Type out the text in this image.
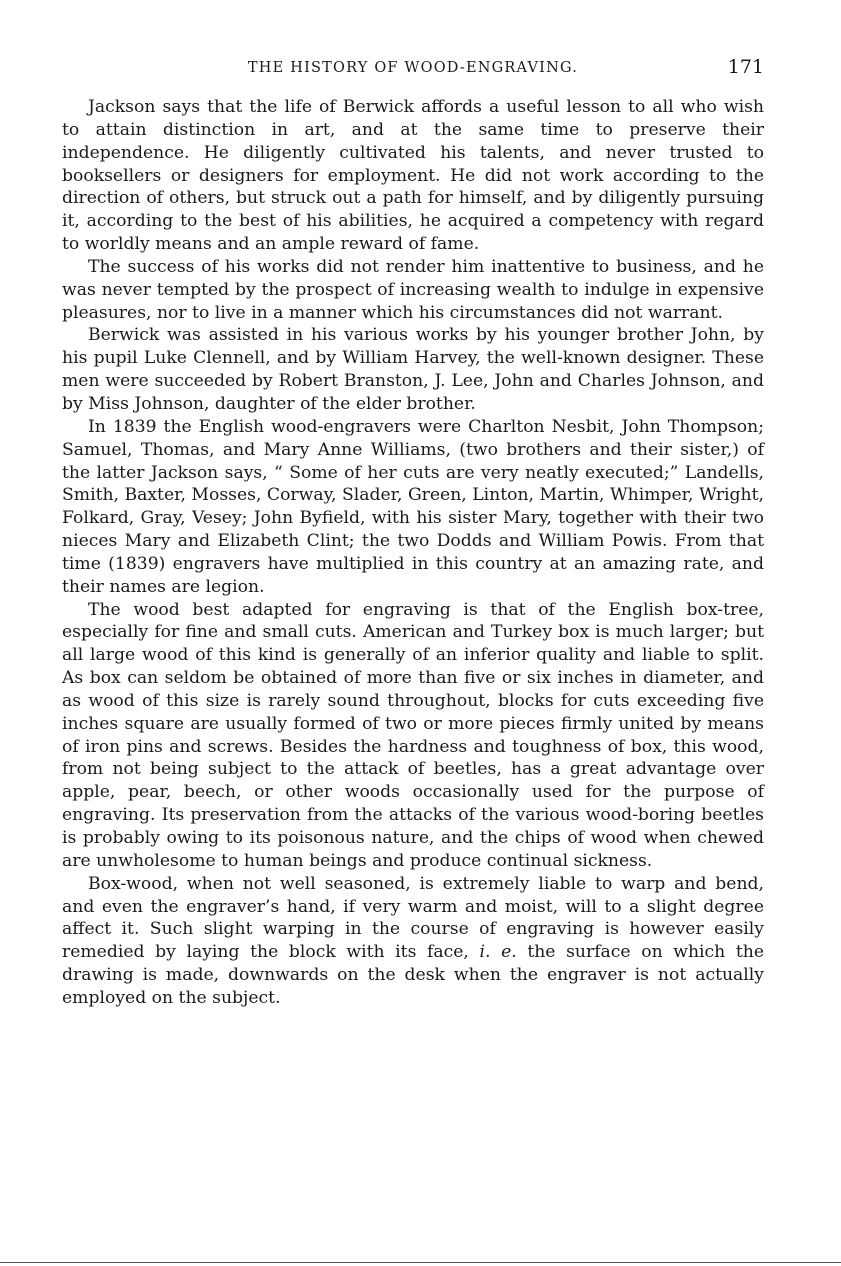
THE HISTORY OF WOOD-ENGRAVING.	171

Jackson says that the life of Berwick affords a useful lesson to all who wish to attain distinction in art, and at the same time to preserve their independence. He diligently cultivated his talents, and never trusted to booksellers or designers for employment. He did not work according to the direction of others, but struck out a path for himself, and by diligently pursuing it, according to the best of his abilities, he acquired a competency with regard to worldly means and an ample reward of fame.

The success of his works did not render him inattentive to business, and he was never tempted by the prospect of increasing wealth to indulge in expensive pleasures, nor to live in a manner which his circumstances did not warrant.

Berwick was assisted in his various works by his younger brother John, by his pupil Luke Clennell, and by William Harvey, the well-known designer. These men were succeeded by Robert Branston, J. Lee, John and Charles Johnson, and by Miss Johnson, daughter of the elder brother.

In 1839 the English wood-engravers were Charlton Nesbit, John Thompson; Samuel, Thomas, and Mary Anne Williams, (two brothers and their sister,) of the latter Jackson says, “ Some of her cuts are very neatly executed;” Landells, Smith, Baxter, Mosses, Corway, Slader, Green, Linton, Martin, Whimper, Wright, Folkard, Gray, Vesey; John Byfield, with his sister Mary, together with their two nieces Mary and Elizabeth Clint; the two Dodds and William Powis. From that time (1839) engravers have multiplied in this country at an amazing rate, and their names are legion.

The wood best adapted for engraving is that of the English box-tree, especially for fine and small cuts. American and Turkey box is much larger; but all large wood of this kind is generally of an inferior quality and liable to split. As box can seldom be obtained of more than five or six inches in diameter, and as wood of this size is rarely sound throughout, blocks for cuts exceeding five inches square are usually formed of two or more pieces firmly united by means of iron pins and screws. Besides the hardness and toughness of box, this wood, from not being subject to the attack of beetles, has a great advantage over apple, pear, beech, or other woods occasionally used for the purpose of engraving. Its preservation from the attacks of the various wood-boring beetles is probably owing to its poisonous nature, and the chips of wood when chewed are unwholesome to human beings and produce continual sickness.

Box-wood, when not well seasoned, is extremely liable to warp and bend, and even the engraver’s hand, if very warm and moist, will to a slight degree affect it. Such slight warping in the course of engraving is however easily remedied by laying the block with its face, i. e. the surface on which the drawing is made, downwards on the desk when the engraver is not actually employed on the subject.
